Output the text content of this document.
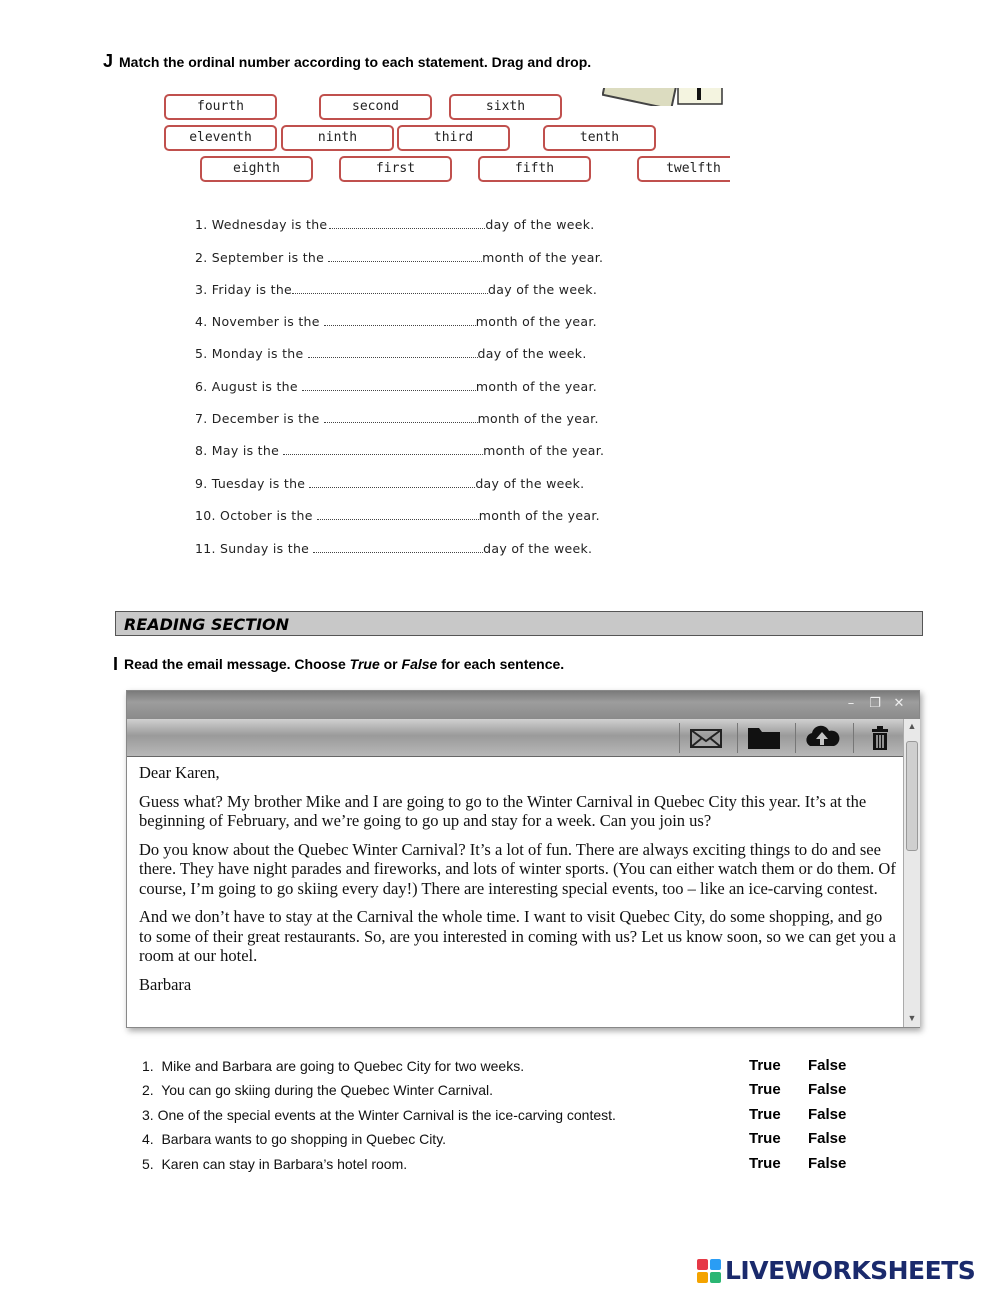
J Match the ordinal number according to each statement. Drag and drop.
fourth	second	sixth
eleventh	ninth	third	tenth
eighth	first	fifth	twelfth
1. Wednesday is the	day of the week.
2. September is the	month of the year.
3. Friday is the	day of the week.
4. November is the	month of the year.
5. Monday is the	day of the week.
6. August is the	month of the year.
7. December is the	month of the year.
8. May is the	month of the year.
9. Tuesday is the	day of the week.
10. October is the	month of the year.
11. Sunday is the	day of the week.
READING SECTION
I Read the email message. Choose True or False for each sentence.
–	❐ ✕
▲
▼

Dear Karen,

Guess what? My brother Mike and I are going to go to the Winter Carnival in Quebec City this year. It’s at the beginning of February, and we’re going to go up and stay for a week. Can you join us?

Do you know about the Quebec Winter Carnival? It’s a lot of fun. There are always exciting things to do and see there. They have night parades and fireworks, and lots of winter sports. (You can either watch them or do them. Of course, I’m going to go skiing every day!) There are interesting special events, too – like an ice-carving contest.

And we don’t have to stay at the Carnival the whole time. I want to visit Quebec City, do some shopping, and go to some of their great restaurants. So, are you interested in coming with us? Let us know soon, so we can get you a room at our hotel.

Barbara

1. Mike and Barbara are going to Quebec City for two weeks.	True False
2. You can go skiing during the Quebec Winter Carnival.	True False
3. One of the special events at the Winter Carnival is the ice-carving contest.	True False
4. Barbara wants to go shopping in Quebec City.	True False
5. Karen can stay in Barbara’s hotel room.	True False
LIVEWORKSHEETS
